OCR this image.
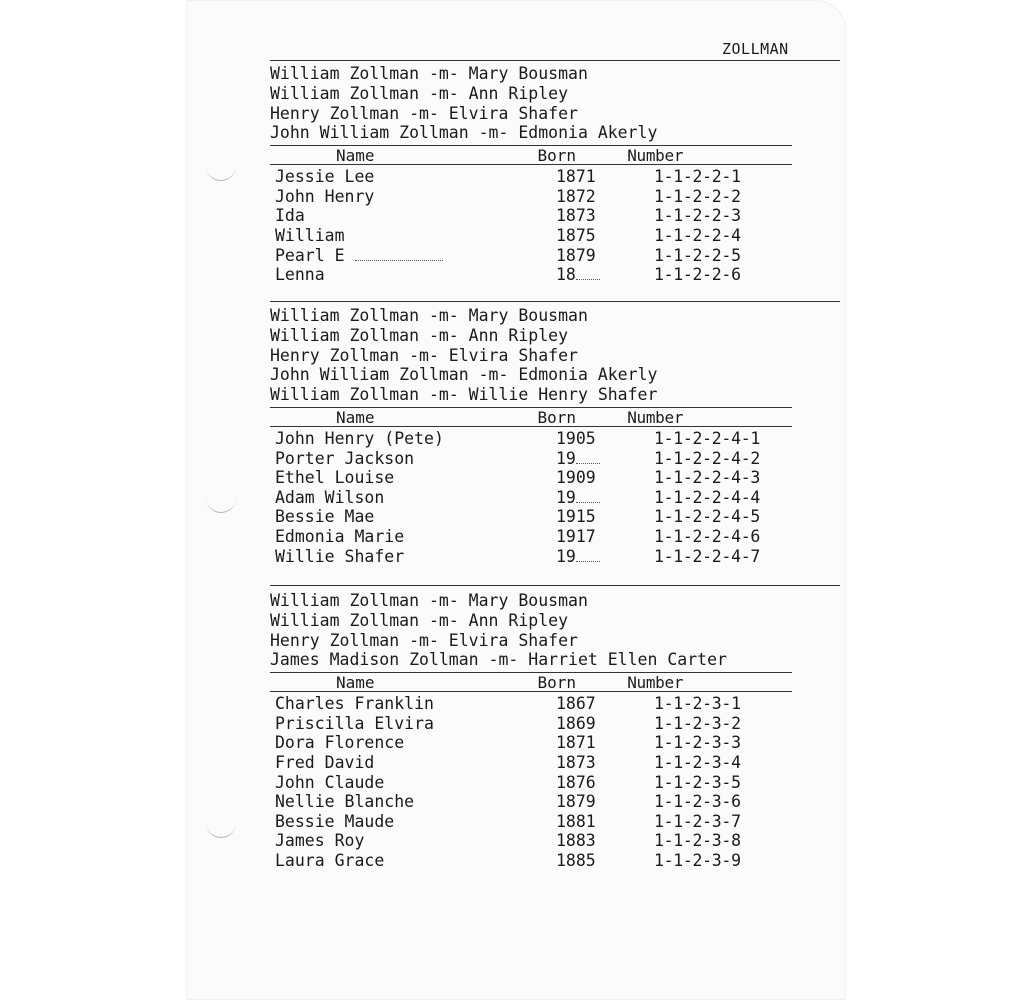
ZOLLMAN
William Zollman -m- Mary Bousman
William Zollman -m- Ann Ripley
Henry Zollman -m- Elvira Shafer
John William Zollman -m- Edmonia Akerly
Name	Born	Number
Jessie Lee	1871	1-1-2-2-1
John Henry	1872	1-1-2-2-2
Ida	1873	1-1-2-2-3
William	1875	1-1-2-2-4
Pearl E	1879	1-1-2-2-5
Lenna	18	1-1-2-2-6
William Zollman -m- Mary Bousman
William Zollman -m- Ann Ripley
Henry Zollman -m- Elvira Shafer
John William Zollman -m- Edmonia Akerly
William Zollman -m- Willie Henry Shafer
Name	Born	Number
John Henry (Pete)	1905	1-1-2-2-4-1
Porter Jackson	19	1-1-2-2-4-2
Ethel Louise	1909	1-1-2-2-4-3
Adam Wilson	19	1-1-2-2-4-4
Bessie Mae	1915	1-1-2-2-4-5
Edmonia Marie	1917	1-1-2-2-4-6
Willie Shafer	19	1-1-2-2-4-7
William Zollman -m- Mary Bousman
William Zollman -m- Ann Ripley
Henry Zollman -m- Elvira Shafer
James Madison Zollman -m- Harriet Ellen Carter
Name	Born	Number
Charles Franklin	1867	1-1-2-3-1
Priscilla Elvira	1869	1-1-2-3-2
Dora Florence	1871	1-1-2-3-3
Fred David	1873	1-1-2-3-4
John Claude	1876	1-1-2-3-5
Nellie Blanche	1879	1-1-2-3-6
Bessie Maude	1881	1-1-2-3-7
James Roy	1883	1-1-2-3-8
Laura Grace	1885	1-1-2-3-9
